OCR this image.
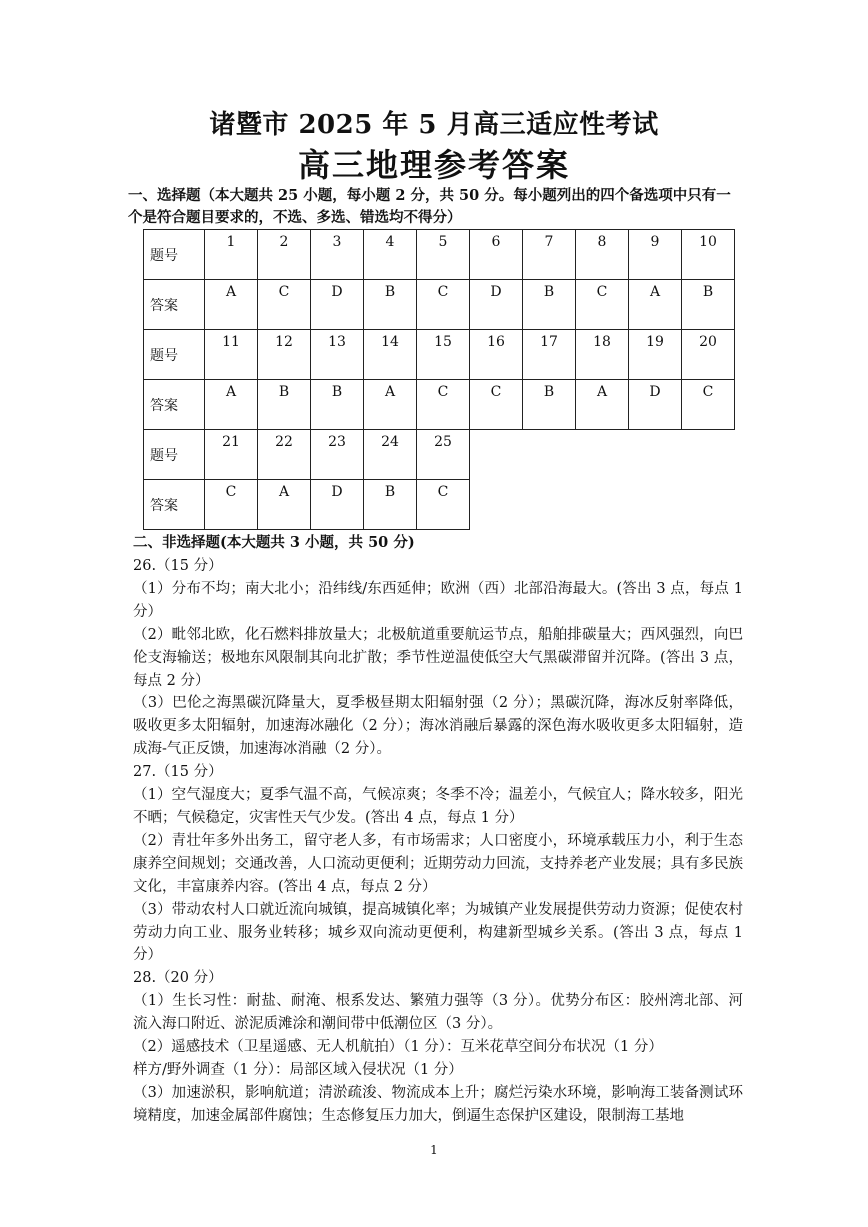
诸暨市 2025 年 5 月高三适应性考试
高三地理参考答案
一、选择题（本大题共 25 小题，每小题 2 分，共 50 分。每小题列出的四个备选项中只有一个是符合题目要求的，不选、多选、错选均不得分）
题号	1	2	3	4	5	6	7	8	9	10
答案	A	C	D	B	C	D	B	C	A	B
题号	11	12	13	14	15	16	17	18	19	20
答案	A	B	B	A	C	C	B	A	D	C
题号	21	22	23	24	25					
答案	C	A	D	B	C					
二、非选择题(本大题共 3 小题，共 50 分)

26.（15 分）

（1）分布不均；南大北小；沿纬线/东西延伸；欧洲（西）北部沿海最大。(答出 3 点，每点 1 分）

（2）毗邻北欧，化石燃料排放量大；北极航道重要航运节点，船舶排碳量大；西风强烈，向巴伦支海输送；极地东风限制其向北扩散；季节性逆温使低空大气黑碳滞留并沉降。(答出 3 点，每点 2 分）

（3）巴伦之海黑碳沉降量大，夏季极昼期太阳辐射强（2 分）；黑碳沉降，海冰反射率降低，吸收更多太阳辐射，加速海冰融化（2 分）；海冰消融后暴露的深色海水吸收更多太阳辐射，造成海-气正反馈，加速海冰消融（2 分）。

27.（15 分）

（1）空气湿度大；夏季气温不高，气候凉爽；冬季不冷；温差小，气候宜人；降水较多，阳光不晒；气候稳定，灾害性天气少发。(答出 4 点，每点 1 分）

（2）青壮年多外出务工，留守老人多，有市场需求；人口密度小，环境承载压力小，利于生态康养空间规划；交通改善，人口流动更便利；近期劳动力回流，支持养老产业发展；具有多民族文化，丰富康养内容。(答出 4 点，每点 2 分）

（3）带动农村人口就近流向城镇，提高城镇化率；为城镇产业发展提供劳动力资源；促使农村劳动力向工业、服务业转移；城乡双向流动更便利，构建新型城乡关系。(答出 3 点，每点 1 分）

28.（20 分）

（1）生长习性：耐盐、耐淹、根系发达、繁殖力强等（3 分）。优势分布区：胶州湾北部、河流入海口附近、淤泥质滩涂和潮间带中低潮位区（3 分）。

（2）遥感技术（卫星遥感、无人机航拍）（1 分）：互米花草空间分布状况（1 分）

样方/野外调查（1 分）：局部区域入侵状况（1 分）

（3）加速淤积，影响航道；清淤疏浚、物流成本上升；腐烂污染水环境，影响海工装备测试环境精度，加速金属部件腐蚀；生态修复压力加大，倒逼生态保护区建设，限制海工基地

1
